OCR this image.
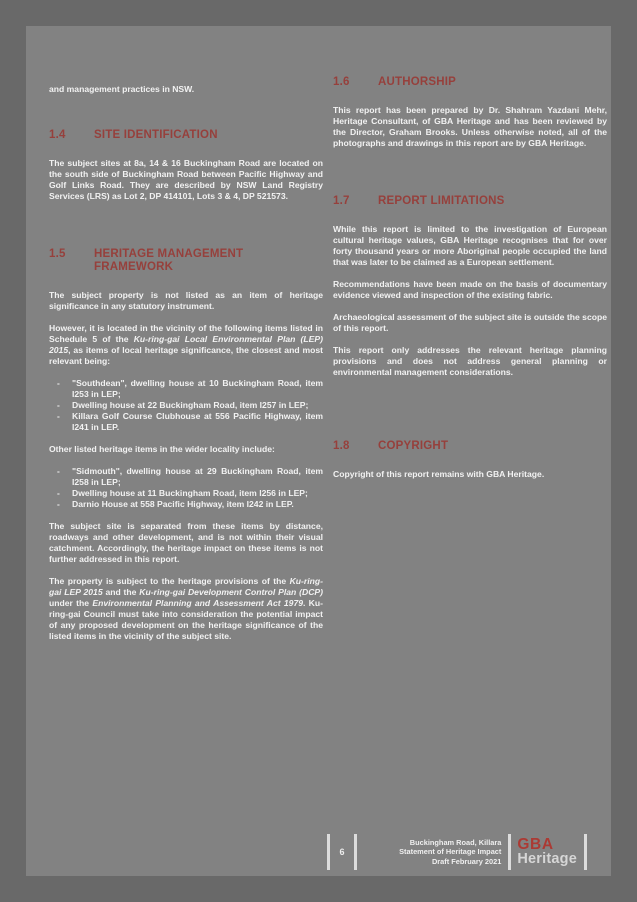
and management practices in NSW.

1.4	SITE IDENTIFICATION

The subject sites at 8a, 14 & 16 Buckingham Road are located on the south side of Buckingham Road between Pacific Highway and Golf Links Road. They are described by NSW Land Registry Services (LRS) as Lot 2, DP 414101, Lots 3 & 4, DP 521573.

1.5	HERITAGE MANAGEMENT FRAMEWORK

The subject property is not listed as an item of heritage significance in any statutory instrument.

However, it is located in the vicinity of the following items listed in Schedule 5 of the Ku-ring-gai Local Environmental Plan (LEP) 2015, as items of local heritage significance, the closest and most relevant being:

-	"Southdean", dwelling house at 10 Buckingham Road, item I253 in LEP;
-	Dwelling house at 22 Buckingham Road, item I257 in LEP;
-	Killara Golf Course Clubhouse at 556 Pacific Highway, item I241 in LEP.

Other listed heritage items in the wider locality include:

-	"Sidmouth", dwelling house at 29 Buckingham Road, item I258 in LEP;
-	Dwelling house at 11 Buckingham Road, item I256 in LEP;
-	Darnio House at 558 Pacific Highway, item I242 in LEP.

The subject site is separated from these items by distance, roadways and other development, and is not within their visual catchment. Accordingly, the heritage impact on these items is not further addressed in this report.

The property is subject to the heritage provisions of the Ku-ring-gai LEP 2015 and the Ku-ring-gai Development Control Plan (DCP) under the Environmental Planning and Assessment Act 1979. Ku-ring-gai Council must take into consideration the potential impact of any proposed development on the heritage significance of the listed items in the vicinity of the subject site.

1.6	AUTHORSHIP

This report has been prepared by Dr. Shahram Yazdani Mehr, Heritage Consultant, of GBA Heritage and has been reviewed by the Director, Graham Brooks. Unless otherwise noted, all of the photographs and drawings in this report are by GBA Heritage.

1.7	REPORT LIMITATIONS

While this report is limited to the investigation of European cultural heritage values, GBA Heritage recognises that for over forty thousand years or more Aboriginal people occupied the land that was later to be claimed as a European settlement.

Recommendations have been made on the basis of documentary evidence viewed and inspection of the existing fabric.

Archaeological assessment of the subject site is outside the scope of this report.

This report only addresses the relevant heritage planning provisions and does not address general planning or environmental management considerations.

1.8	COPYRIGHT

Copyright of this report remains with GBA Heritage.

6
Buckingham Road, Killara
Statement of Heritage Impact
Draft February 2021
GBA
Heritage
